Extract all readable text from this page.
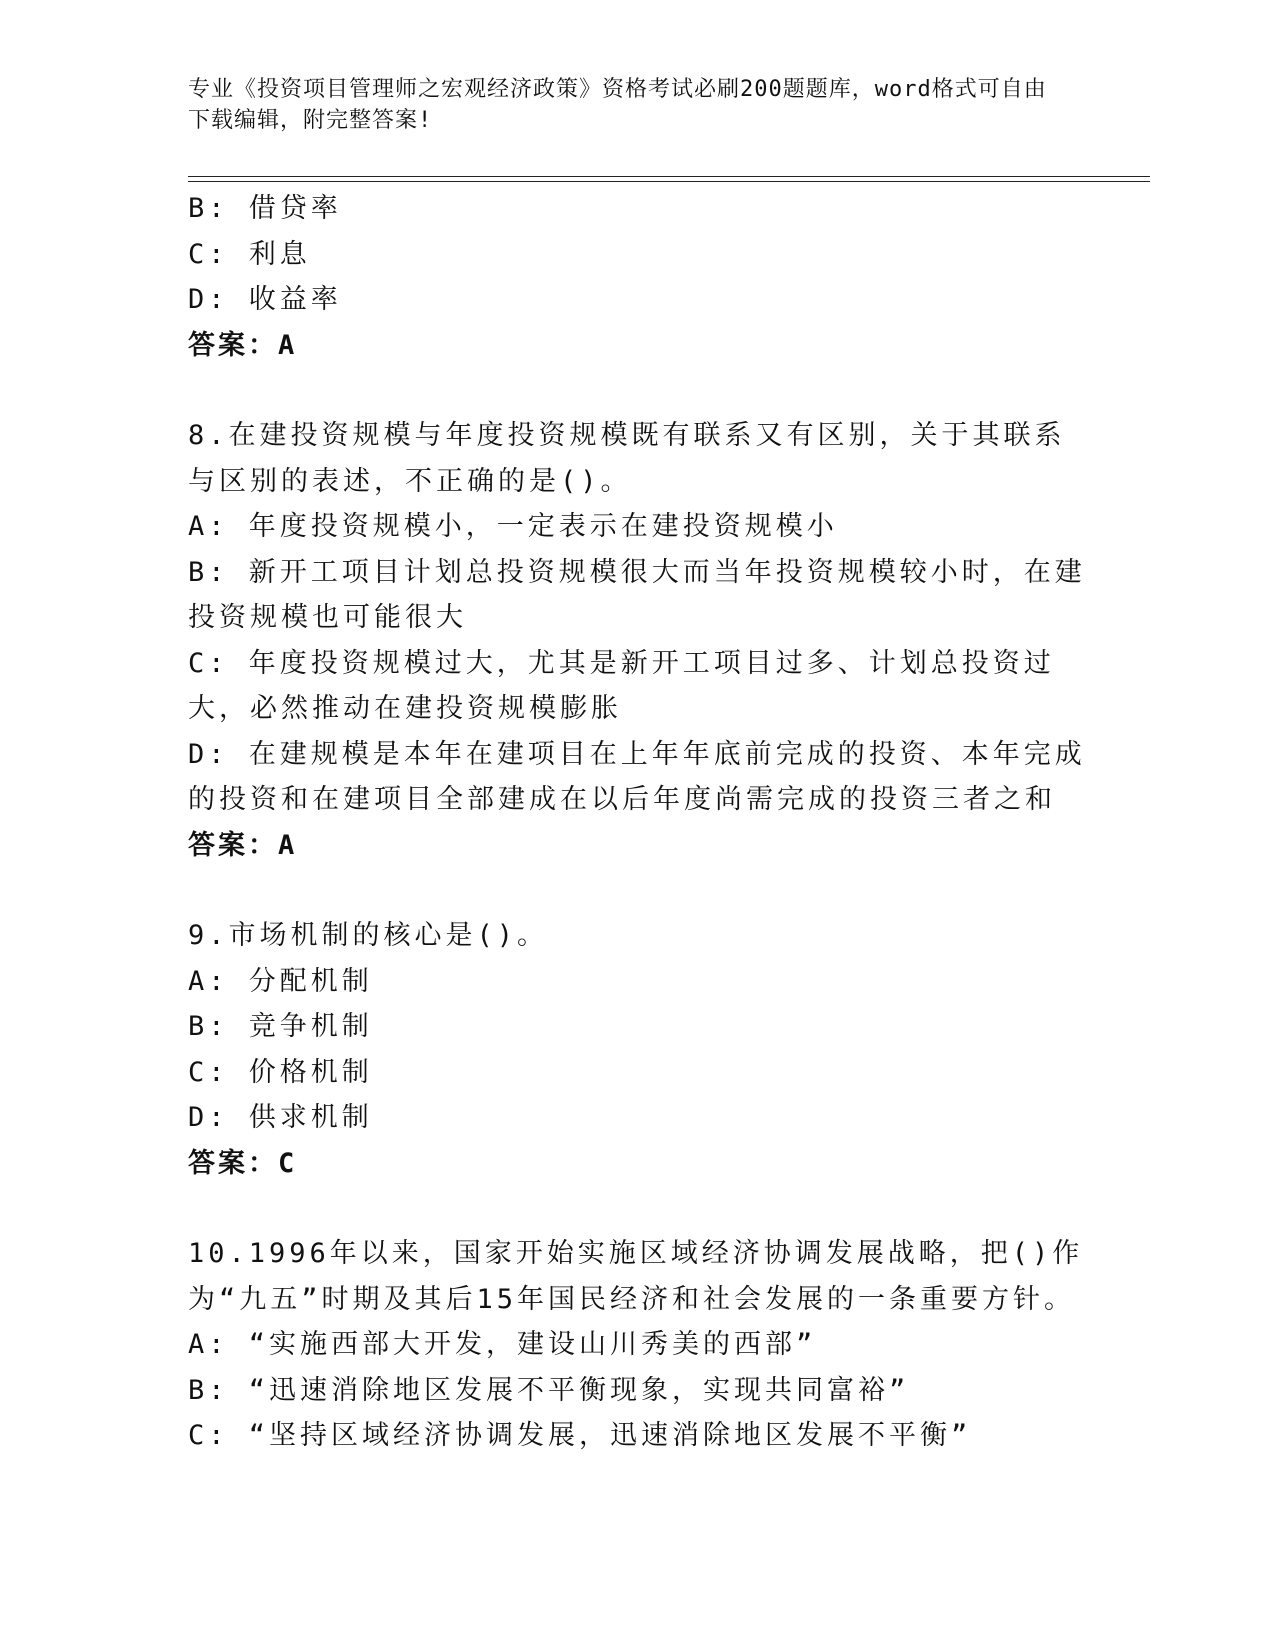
专业《投资项目管理师之宏观经济政策》资格考试必刷200题题库，word格式可自由下载编辑，附完整答案!

B: 借贷率

C: 利息

D: 收益率

答案：A

8.在建投资规模与年度投资规模既有联系又有区别，关于其联系与区别的表述，不正确的是()。

A: 年度投资规模小，一定表示在建投资规模小

B: 新开工项目计划总投资规模很大而当年投资规模较小时，在建投资规模也可能很大

C: 年度投资规模过大，尤其是新开工项目过多、计划总投资过大，必然推动在建投资规模膨胀

D: 在建规模是本年在建项目在上年年底前完成的投资、本年完成的投资和在建项目全部建成在以后年度尚需完成的投资三者之和

答案：A

9.市场机制的核心是()。

A: 分配机制

B: 竞争机制

C: 价格机制

D: 供求机制

答案：C

10.1996年以来，国家开始实施区域经济协调发展战略，把()作为“九五”时期及其后15年国民经济和社会发展的一条重要方针。

A: “实施西部大开发，建设山川秀美的西部”

B: “迅速消除地区发展不平衡现象，实现共同富裕”

C: “坚持区域经济协调发展，迅速消除地区发展不平衡”
